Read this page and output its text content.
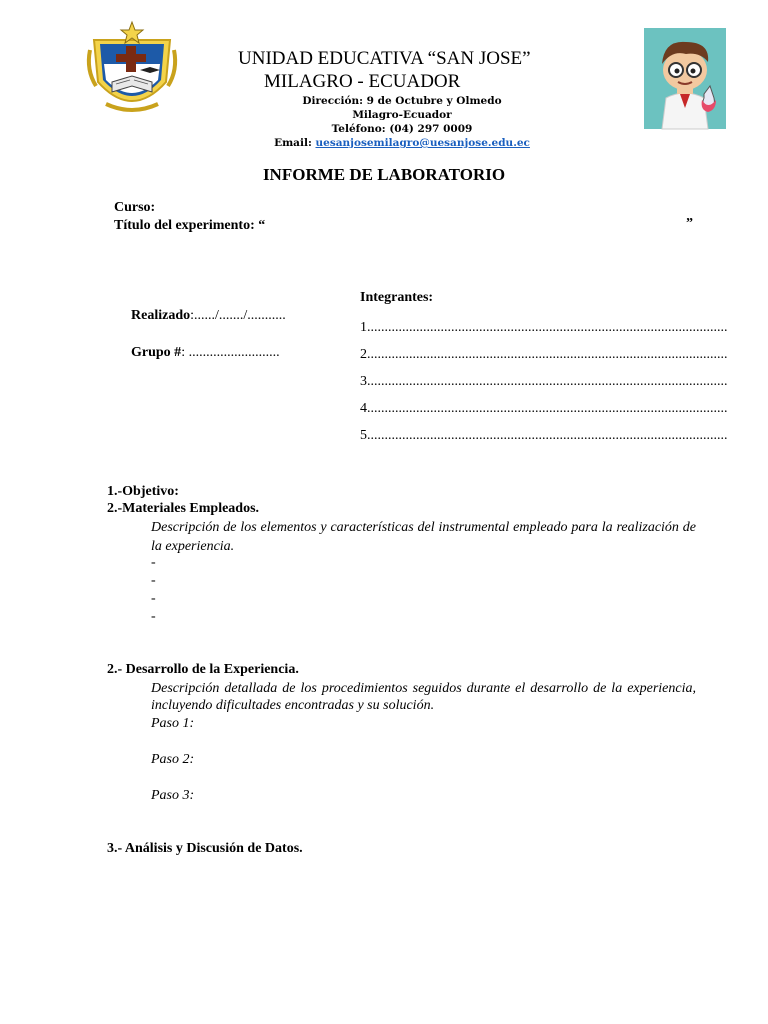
UNIDAD EDUCATIVA “SAN JOSE”
MILAGRO - ECUADOR
Dirección: 9 de Octubre y Olmedo
Milagro-Ecuador
Teléfono: (04) 297 0009
Email: uesanjosemilagro@uesanjose.edu.ec
INFORME DE LABORATORIO
Curso:
Título del experimento: “	”
Realizado:....../......./...........
Grupo #: ..........................
Integrantes:
1. ......................................................................................................
2. ......................................................................................................
3. ......................................................................................................
4. ......................................................................................................
5. ......................................................................................................
1.-Objetivo:
2.-Materiales Empleados.
Descripción de los elementos y características del instrumental empleado para la realización de la experiencia.
-
-
-
-
2.- Desarrollo de la Experiencia.
Descripción detallada de los procedimientos seguidos durante el desarrollo de la experiencia, incluyendo dificultades encontradas y su solución.
Paso 1:
Paso 2:
Paso 3:
3.- Análisis y Discusión de Datos.
